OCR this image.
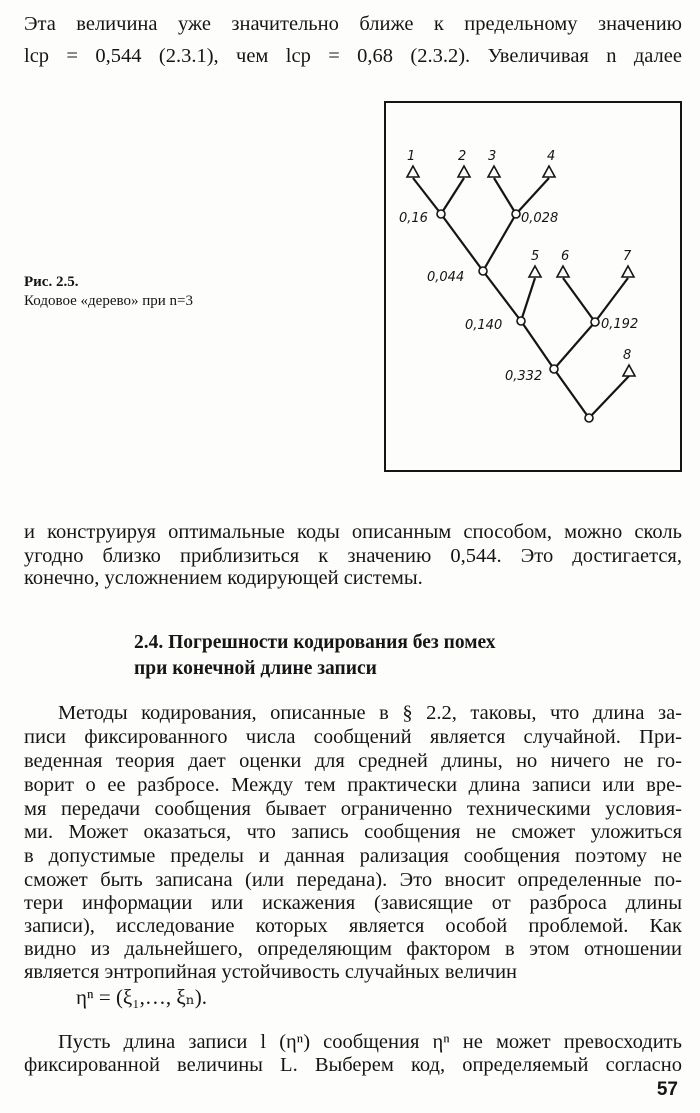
Эта величина уже значительно ближе к предельному значению

lср = 0,544 (2.3.1), чем lср = 0,68 (2.3.2). Увеличивая n далее

Рис. 2.5.
Кодовое «дерево» при n=3
1	2 3	4
5 6	7
8
0,16	0,028
0,044
0,140	0,192
0,332

и конструируя оптимальные коды описанным способом, можно сколь

угодно близко приблизиться к значению 0,544. Это достигается,

конечно, усложнением кодирующей системы.

2.4. Погрешности кодирования без помех
при конечной длине записи

Методы кодирования, описанные в § 2.2, таковы, что длина за-

писи фиксированного числа сообщений является случайной. При-

веденная теория дает оценки для средней длины, но ничего не го-

ворит о ее разбросе. Между тем практически длина записи или вре-

мя передачи сообщения бывает ограниченно техническими условия-

ми. Может оказаться, что запись сообщения не сможет уложиться

в допустимые пределы и данная рализация сообщения поэтому не

сможет быть записана (или передана). Это вносит определенные по-

тери информации или искажения (зависящие от разброса длины

записи), исследование которых является особой проблемой. Как

видно из дальнейшего, определяющим фактором в этом отношении

является энтропийная устойчивость случайных величин

ηⁿ = (ξ₁,…, ξₙ).

Пусть длина записи l (ηⁿ) сообщения ηⁿ не может превосходить

фиксированной величины L. Выберем код, определяемый согласно

57
